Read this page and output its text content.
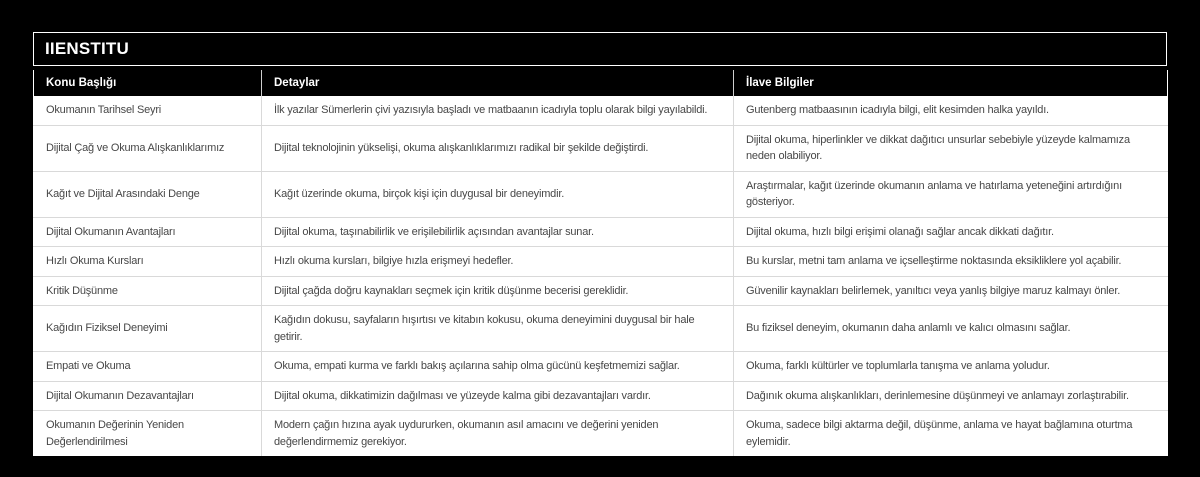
IIENSTITU
Konu Başlığı	Detaylar	İlave Bilgiler
Okumanın Tarihsel Seyri	İlk yazılar Sümerlerin çivi yazısıyla başladı ve matbaanın icadıyla toplu olarak bilgi yayılabildi.	Gutenberg matbaasının icadıyla bilgi, elit kesimden halka yayıldı.
Dijital Çağ ve Okuma Alışkanlıklarımız	Dijital teknolojinin yükselişi, okuma alışkanlıklarımızı radikal bir şekilde değiştirdi.	Dijital okuma, hiperlinkler ve dikkat dağıtıcı unsurlar sebebiyle yüzeyde kalmamıza neden olabiliyor.
Kağıt ve Dijital Arasındaki Denge	Kağıt üzerinde okuma, birçok kişi için duygusal bir deneyimdir.	Araştırmalar, kağıt üzerinde okumanın anlama ve hatırlama yeteneğini artırdığını gösteriyor.
Dijital Okumanın Avantajları	Dijital okuma, taşınabilirlik ve erişilebilirlik açısından avantajlar sunar.	Dijital okuma, hızlı bilgi erişimi olanağı sağlar ancak dikkati dağıtır.
Hızlı Okuma Kursları	Hızlı okuma kursları, bilgiye hızla erişmeyi hedefler.	Bu kurslar, metni tam anlama ve içselleştirme noktasında eksikliklere yol açabilir.
Kritik Düşünme	Dijital çağda doğru kaynakları seçmek için kritik düşünme becerisi gereklidir.	Güvenilir kaynakları belirlemek, yanıltıcı veya yanlış bilgiye maruz kalmayı önler.
Kağıdın Fiziksel Deneyimi	Kağıdın dokusu, sayfaların hışırtısı ve kitabın kokusu, okuma deneyimini duygusal bir hale getirir.	Bu fiziksel deneyim, okumanın daha anlamlı ve kalıcı olmasını sağlar.
Empati ve Okuma	Okuma, empati kurma ve farklı bakış açılarına sahip olma gücünü keşfetmemizi sağlar.	Okuma, farklı kültürler ve toplumlarla tanışma ve anlama yoludur.
Dijital Okumanın Dezavantajları	Dijital okuma, dikkatimizin dağılması ve yüzeyde kalma gibi dezavantajları vardır.	Dağınık okuma alışkanlıkları, derinlemesine düşünmeyi ve anlamayı zorlaştırabilir.
Okumanın Değerinin Yeniden Değerlendirilmesi	Modern çağın hızına ayak uydururken, okumanın asıl amacını ve değerini yeniden değerlendirmemiz gerekiyor.	Okuma, sadece bilgi aktarma değil, düşünme, anlama ve hayat bağlamına oturtma eylemidir.
